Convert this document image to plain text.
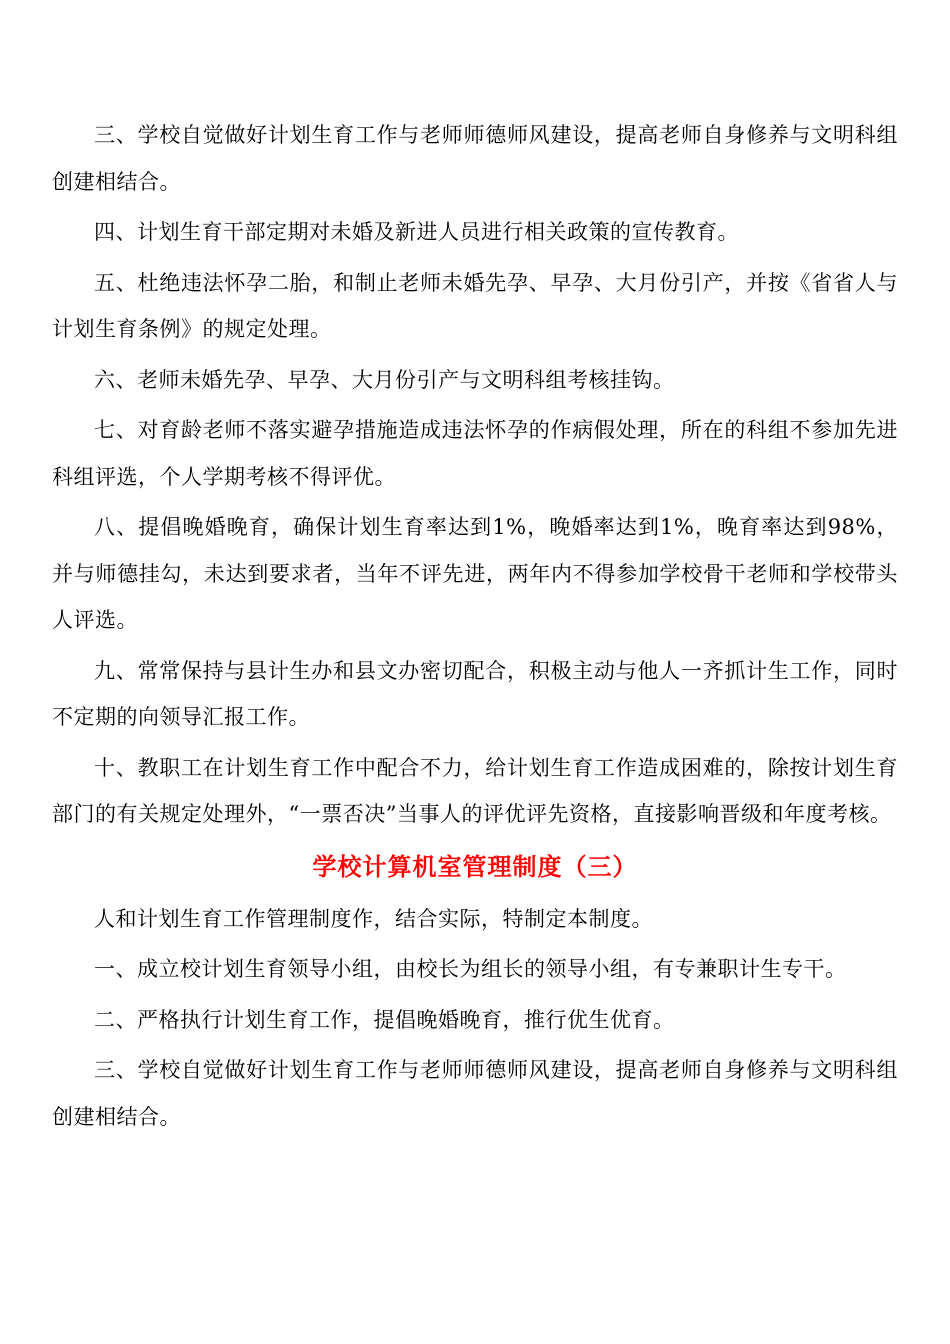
三、学校自觉做好计划生育工作与老师师德师风建设，提高老师自身修养与文明科组创建相结合。

四、计划生育干部定期对未婚及新进人员进行相关政策的宣传教育。

五、杜绝违法怀孕二胎，和制止老师未婚先孕、早孕、大月份引产，并按《省省人与计划生育条例》的规定处理。

六、老师未婚先孕、早孕、大月份引产与文明科组考核挂钩。

七、对育龄老师不落实避孕措施造成违法怀孕的作病假处理，所在的科组不参加先进科组评选，个人学期考核不得评优。

八、提倡晚婚晚育，确保计划生育率达到1%，晚婚率达到1%，晚育率达到98%，并与师德挂勾，未达到要求者，当年不评先进，两年内不得参加学校骨干老师和学校带头人评选。

九、常常保持与县计生办和县文办密切配合，积极主动与他人一齐抓计生工作，同时不定期的向领导汇报工作。

十、教职工在计划生育工作中配合不力，给计划生育工作造成困难的，除按计划生育部门的有关规定处理外，“一票否决”当事人的评优评先资格，直接影响晋级和年度考核。

学校计算机室管理制度（三）

人和计划生育工作管理制度作，结合实际，特制定本制度。

一、成立校计划生育领导小组，由校长为组长的领导小组，有专兼职计生专干。

二、严格执行计划生育工作，提倡晚婚晚育，推行优生优育。

三、学校自觉做好计划生育工作与老师师德师风建设，提高老师自身修养与文明科组创建相结合。
